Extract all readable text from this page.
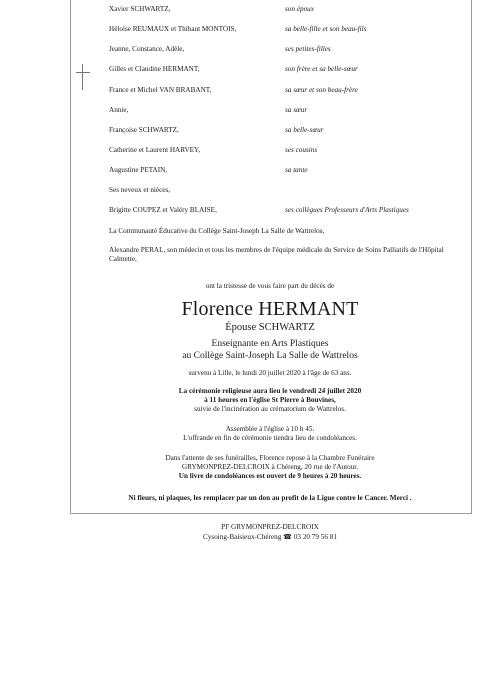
Xavier SCHWARTZ,	son époux
Héloïse REUMAUX et Thibaut MONTOIS,	sa belle-fille et son beau-fils
Jeanne, Constance, Adèle,	ses petites-filles
Gilles et Claudine HERMANT,	son frère et sa belle-sœur
France et Michel VAN BRABANT,	sa sœur et son beau-frère
Annie,	sa sœur
Françoise SCHWARTZ,	sa belle-sœur
Catherine et Laurent HARVEY,	ses cousins
Augustine PETAIN,	sa tante
Ses neveux et nièces,
Brigitte COUPEZ et Valéry BLAISE,	ses collègues Professeurs d'Arts Plastiques
La Communauté Éducative du Collège Saint-Joseph La Salle de Wattrelos,
Alexandre PERAL, son médecin et tous les membres de l'équipe médicale du Service de Soins Palliatifs de l'Hôpital Calmette,
ont la tristesse de vous faire part du décès de
Florence HERMANT
Épouse SCHWARTZ
Enseignante en Arts Plastiques
au Collège Saint-Joseph La Salle de Wattrelos
survenu à Lille, le lundi 20 juillet 2020 à l'âge de 63 ans.
La cérémonie religieuse aura lieu le vendredi 24 juillet 2020
à 11 heures en l'église St Pierre à Bouvines,
suivie de l'incinération au crématorium de Wattrelos.
Assemblée à l'église à 10 h 45.
L'offrande en fin de cérémonie tiendra lieu de condoléances.
Dans l'attente de ses funérailles, Florence repose à la Chambre Funéraire
GRYMONPREZ-DELCROIX à Chéreng, 20 rue de l'Autour.
Un livre de condoléances est ouvert de 9 heures à 20 heures.
Ni fleurs, ni plaques, les remplacer par un don au profit de la Ligue contre le Cancer. Merci .
PF GRYMONPREZ-DELCROIX
Cysoing-Baisieux-Chéreng ☎ 03 20 79 56 81
